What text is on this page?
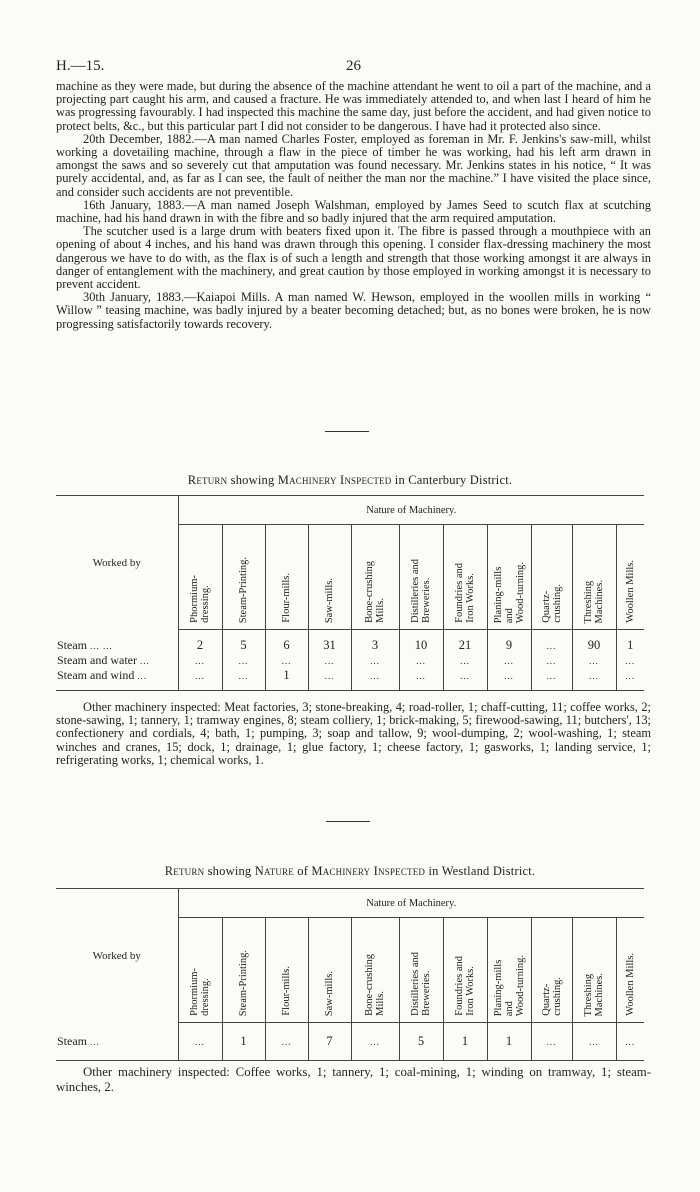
H.—15.	26

machine as they were made, but during the absence of the machine attendant he went to oil a part of the machine, and a projecting part caught his arm, and caused a fracture. He was immediately attended to, and when last I heard of him he was progressing favourably. I had inspected this machine the same day, just before the accident, and had given notice to protect belts, &c., but this particular part I did not consider to be dangerous. I have had it protected also since.

20th December, 1882.—A man named Charles Foster, employed as foreman in Mr. F. Jenkins's saw-mill, whilst working a dovetailing machine, through a flaw in the piece of timber he was working, had his left arm drawn in amongst the saws and so severely cut that amputation was found necessary. Mr. Jenkins states in his notice, “ It was purely accidental, and, as far as I can see, the fault of neither the man nor the machine.” I have visited the place since, and consider such accidents are not preventible.

16th January, 1883.—A man named Joseph Walshman, employed by James Seed to scutch flax at scutching machine, had his hand drawn in with the fibre and so badly injured that the arm required amputation.

The scutcher used is a large drum with beaters fixed upon it. The fibre is passed through a mouthpiece with an opening of about 4 inches, and his hand was drawn through this opening. I consider flax-dressing machinery the most dangerous we have to do with, as the flax is of such a length and strength that those working amongst it are always in danger of entanglement with the machinery, and great caution by those employed in working amongst it is necessary to prevent accident.

30th January, 1883.—Kaiapoi Mills. A man named W. Hewson, employed in the woollen mills in working “ Willow ” teasing machine, was badly injured by a beater becoming detached; but, as no bones were broken, he is now progressing satisfactorily towards recovery.

Return showing Machinery Inspected in Canterbury District.
Worked by	Nature of Machinery.										

	Phormium-
dressing.	Steam-Printing.	Flour-mills.	Saw-mills.	Bone-crushing
Mills.	Distilleries and
Breweries.	Foundries and
Iron Works.	Planing-mills
and
Wood-turning.	Quartz-
crushing.	Threshing
Machines.	Woollen Mills.

Steam ... ...	2	5	6	31	3	10	21	9	...	90	1
Steam and water ...	...	...	...	...	...	...	...	...	...	...	...
Steam and wind ...	...	...	1	...	...	...	...	...	...	...	...
Other machinery inspected: Meat factories, 3; stone-breaking, 4; road-roller, 1; chaff-cutting, 11; coffee works, 2; stone-sawing, 1; tannery, 1; tramway engines, 8; steam colliery, 1; brick-making, 5; firewood-sawing, 11; butchers', 13; confectionery and cordials, 4; bath, 1; pumping, 3; soap and tallow, 9; wool-dumping, 2; wool-washing, 1; steam winches and cranes, 15; dock, 1; drainage, 1; glue factory, 1; cheese factory, 1; gasworks, 1; landing service, 1; refrigerating works, 1; chemical works, 1.
Return showing Nature of Machinery Inspected in Westland District.
Worked by	Nature of Machinery.										

	Phormium-
dressing.	Steam-Printing.	Flour-mills.	Saw-mills.	Bone-crushing
Mills.	Distilleries and
Breweries.	Foundries and
Iron Works.	Planing-mills
and
Wood-turning.	Quartz-
crushing.	Threshing
Machines.	Woollen Mills.

Steam ...	...	1	...	7	...	5	1	1	...	...	...
Other machinery inspected: Coffee works, 1; tannery, 1; coal-mining, 1; winding on tramway, 1; steam-winches, 2.
